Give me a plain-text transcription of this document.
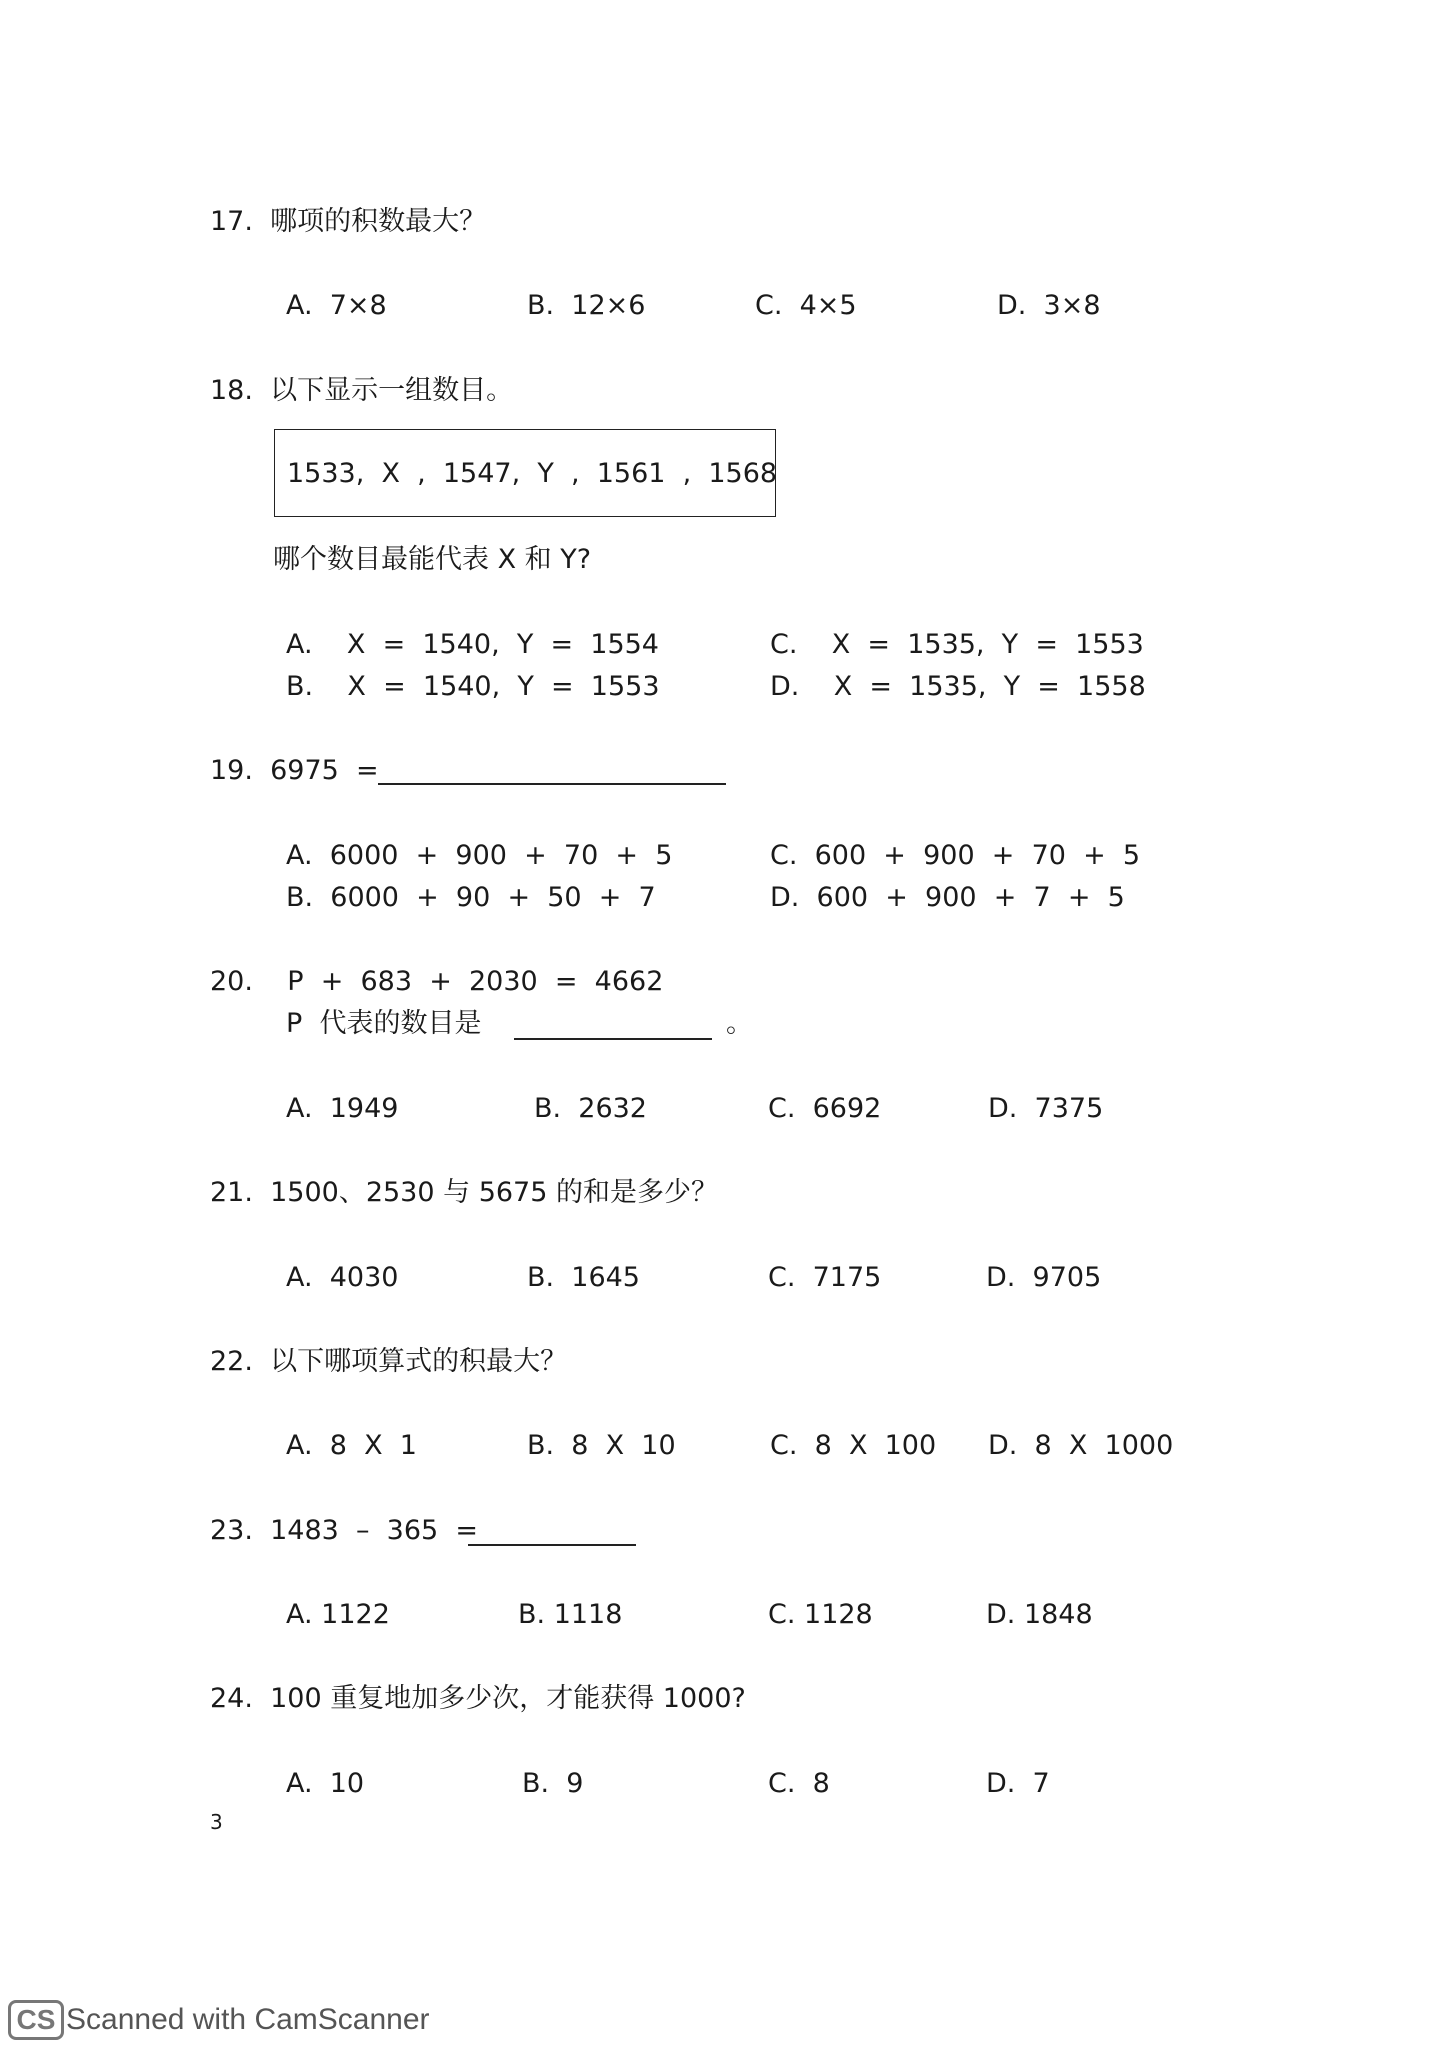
17.  哪项的积数最大？
A.  7×8	B.  12×6	C.  4×5	D.  3×8
18.  以下显示一组数目。
1533,  X  ,  1547,  Y  ,  1561  ,  1568
哪个数目最能代表 X 和 Y?
A.    X  =  1540,  Y  =  1554	C.    X  =  1535,  Y  =  1553
B.    X  =  1540,  Y  =  1553	D.    X  =  1535,  Y  =  1558
19.  6975  =
A.  6000  +  900  +  70  +  5	C.  600  +  900  +  70  +  5
B.  6000  +  90  +  50  +  7	D.  600  +  900  +  7  +  5
20.    P  +  683  +  2030  =  4662
P  代表的数目是	。
A.  1949	B.  2632	C.  6692	D.  7375
21.  1500、2530 与 5675 的和是多少？
A.  4030	B.  1645	C.  7175	D.  9705
22.  以下哪项算式的积最大？
A.  8  X  1	B.  8  X  10	C.  8  X  100 D.  8  X  1000
23.  1483  –  365  =
A. 1122	B. 1118	C. 1128	D. 1848
24.  100 重复地加多少次，才能获得 1000?
A.  10	B.  9	C.  8	D.  7
3
CS Scanned with CamScanner
